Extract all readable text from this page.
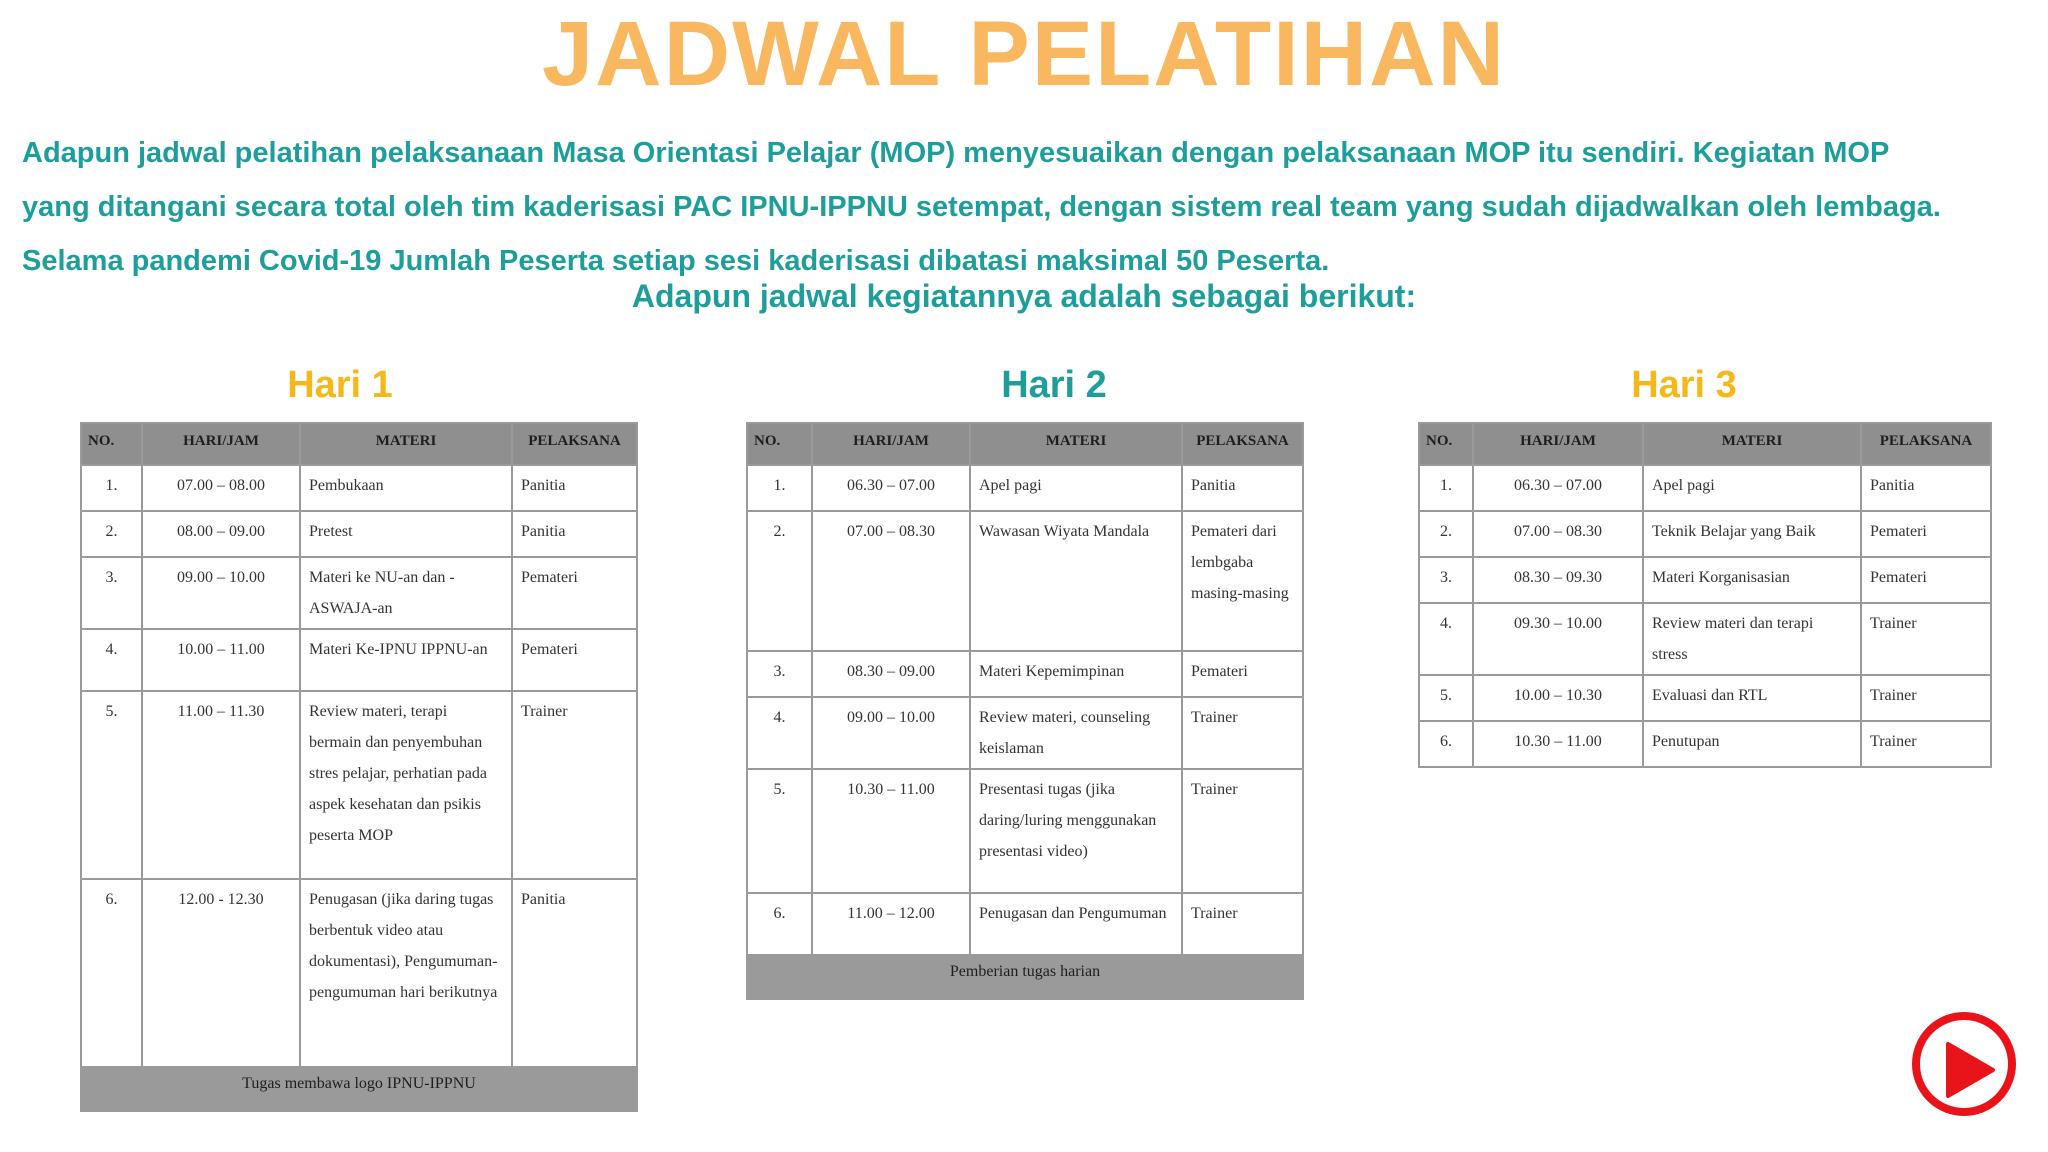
JADWAL PELATIHAN
Adapun jadwal pelatihan pelaksanaan Masa Orientasi Pelajar (MOP) menyesuaikan dengan pelaksanaan MOP itu sendiri. Kegiatan MOP
yang ditangani secara total oleh tim kaderisasi PAC IPNU-IPPNU setempat, dengan sistem real team yang sudah dijadwalkan oleh lembaga.
Selama pandemi Covid-19 Jumlah Peserta setiap sesi kaderisasi dibatasi maksimal 50 Peserta.
Adapun jadwal kegiatannya adalah sebagai berikut:
Hari 1	Hari 2	Hari 3
NO.	HARI/JAM	MATERI	PELAKSANA
1.	07.00 – 08.00	Pembukaan	Panitia
2.	08.00 – 09.00	Pretest	Panitia
3.	09.00 – 10.00	Materi ke NU-an dan -ASWAJA-an	Pemateri
4.	10.00 – 11.00	Materi Ke-IPNU IPPNU-an	Pemateri
5.	11.00 – 11.30	Review materi, terapi bermain dan penyembuhan stres pelajar, perhatian pada aspek kesehatan dan psikis peserta MOP	Trainer
6.	12.00 - 12.30	Penugasan (jika daring tugas berbentuk video atau dokumentasi), Pengumuman-pengumuman hari berikutnya	Panitia
Tugas membawa logo IPNU-IPPNU			
NO.	HARI/JAM	MATERI	PELAKSANA
1.	06.30 – 07.00	Apel pagi	Panitia
2.	07.00 – 08.30	Wawasan Wiyata Mandala	Pemateri dari lembgaba masing-masing
3.	08.30 – 09.00	Materi Kepemimpinan	Pemateri
4.	09.00 – 10.00	Review materi, counseling keislaman	Trainer
5.	10.30 – 11.00	Presentasi tugas (jika daring/luring menggunakan presentasi video)	Trainer
6.	11.00 – 12.00	Penugasan dan Pengumuman	Trainer
Pemberian tugas harian			
NO.	HARI/JAM	MATERI	PELAKSANA
1.	06.30 – 07.00	Apel pagi	Panitia
2.	07.00 – 08.30	Teknik Belajar yang Baik	Pemateri
3.	08.30 – 09.30	Materi Korganisasian	Pemateri
4.	09.30 – 10.00	Review materi dan terapi stress	Trainer
5.	10.00 – 10.30	Evaluasi dan RTL	Trainer
6.	10.30 – 11.00	Penutupan	Trainer
